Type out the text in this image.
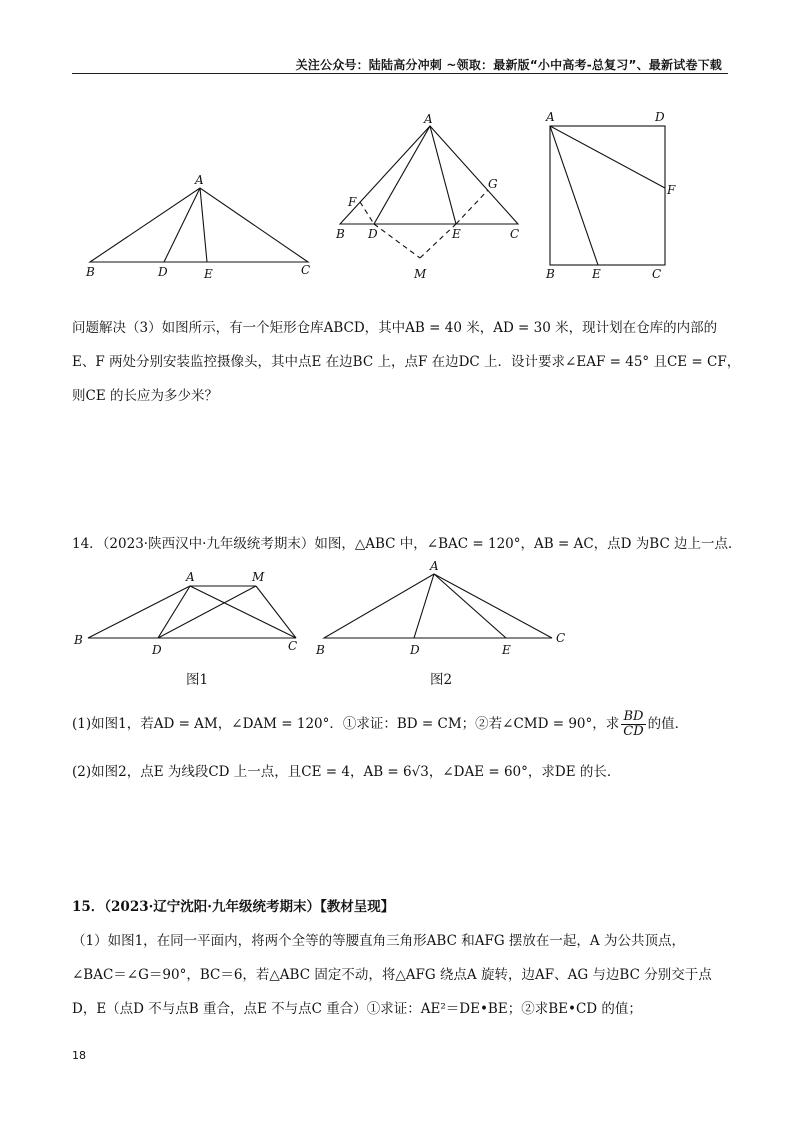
关注公众号：陆陆高分冲刺 ~领取：最新版“小中高考-总复习”、最新试卷下载
A
B	D	E	C
A
F
G
B D	E	C
M
A	D
F
B	E	C
问题解决（3）如图所示，有一个矩形仓库ABCD，其中AB = 40 米，AD = 30 米，现计划在仓库的内部的
E、F 两处分别安装监控摄像头，其中点E 在边BC 上，点F 在边DC 上．设计要求∠EAF = 45° 且CE = CF，
则CE 的长应为多少米？
14．（2023·陕西汉中·九年级统考期末）如图，△ABC 中，∠BAC = 120°，AB = AC，点D 为BC 边上一点．
A	M
B
D	C
图1
A
B	D	E
C
图2
(1)如图1，若AD = AM，∠DAM = 120°．①求证：BD = CM；②若∠CMD = 90°，求 $\frac{BD}{CD}$ 的值．
(2)如图2，点E 为线段CD 上一点，且CE = 4，AB = 6√3，∠DAE = 60°，求DE 的长．
15．（2023·辽宁沈阳·九年级统考期末）【教材呈现】
（1）如图1，在同一平面内，将两个全等的等腰直角三角形ABC 和AFG 摆放在一起，A 为公共顶点，
∠BAC＝∠G＝90°，BC＝6，若△ABC 固定不动，将△AFG 绕点A 旋转，边AF、AG 与边BC 分别交于点
D，E（点D 不与点B 重合，点E 不与点C 重合）①求证：AE²＝DE•BE；②求BE•CD 的值；
18
